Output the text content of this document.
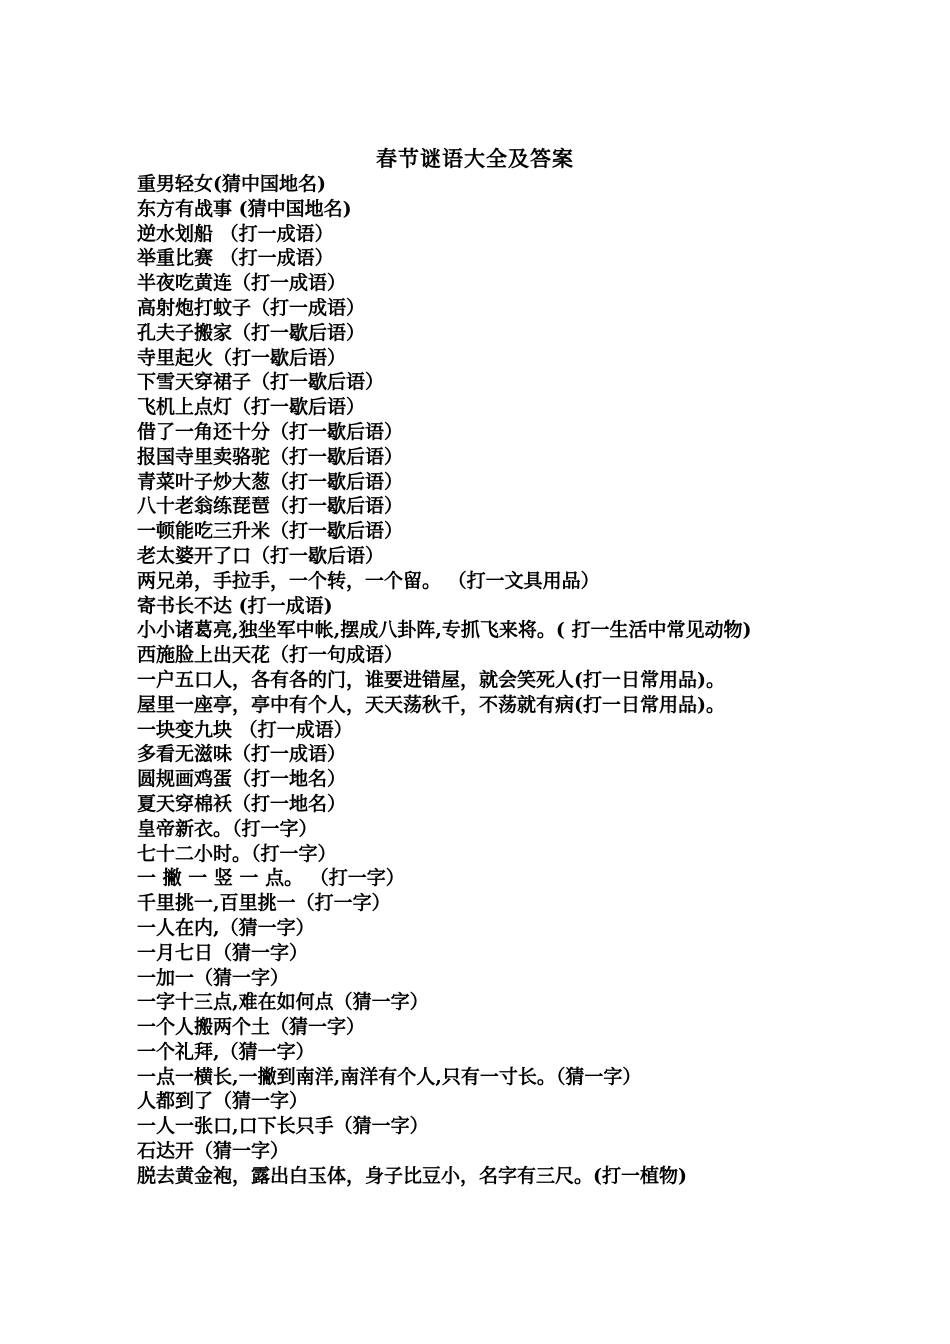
春节谜语大全及答案
重男轻女(猜中国地名)
东方有战事 (猜中国地名)
逆水划船 （打一成语）
举重比赛 （打一成语）
半夜吃黄连（打一成语）
高射炮打蚊子（打一成语）
孔夫子搬家（打一歇后语）
寺里起火（打一歇后语）
下雪天穿裙子（打一歇后语）
飞机上点灯（打一歇后语）
借了一角还十分（打一歇后语）
报国寺里卖骆驼（打一歇后语）
青菜叶子炒大葱（打一歇后语）
八十老翁练琵琶（打一歇后语）
一顿能吃三升米（打一歇后语）
老太婆开了口（打一歇后语）
两兄弟，手拉手，一个转，一个留。 （打一文具用品）
寄书长不达 (打一成语)
小小诸葛亮,独坐军中帐,摆成八卦阵,专抓飞来将。( 打一生活中常见动物)
西施脸上出天花（打一句成语）
一户五口人，各有各的门，谁要进错屋，就会笑死人(打一日常用品)。
屋里一座亭，亭中有个人，天天荡秋千，不荡就有病(打一日常用品)。
一块变九块 （打一成语）
多看无滋味（打一成语）
圆规画鸡蛋（打一地名）
夏天穿棉袄（打一地名）
皇帝新衣。（打一字）
七十二小时。（打一字）
一 撇 一 竖 一 点。 （打一字）
千里挑一,百里挑一（打一字）
一人在内,（猜一字）
一月七日（猜一字）
一加一（猜一字）
一字十三点,难在如何点（猜一字）
一个人搬两个土（猜一字）
一个礼拜,（猜一字）
一点一横长,一撇到南洋,南洋有个人,只有一寸长。（猜一字）
人都到了（猜一字）
一人一张口,口下长只手（猜一字）
石达开（猜一字）
脱去黄金袍，露出白玉体，身子比豆小，名字有三尺。(打一植物)
